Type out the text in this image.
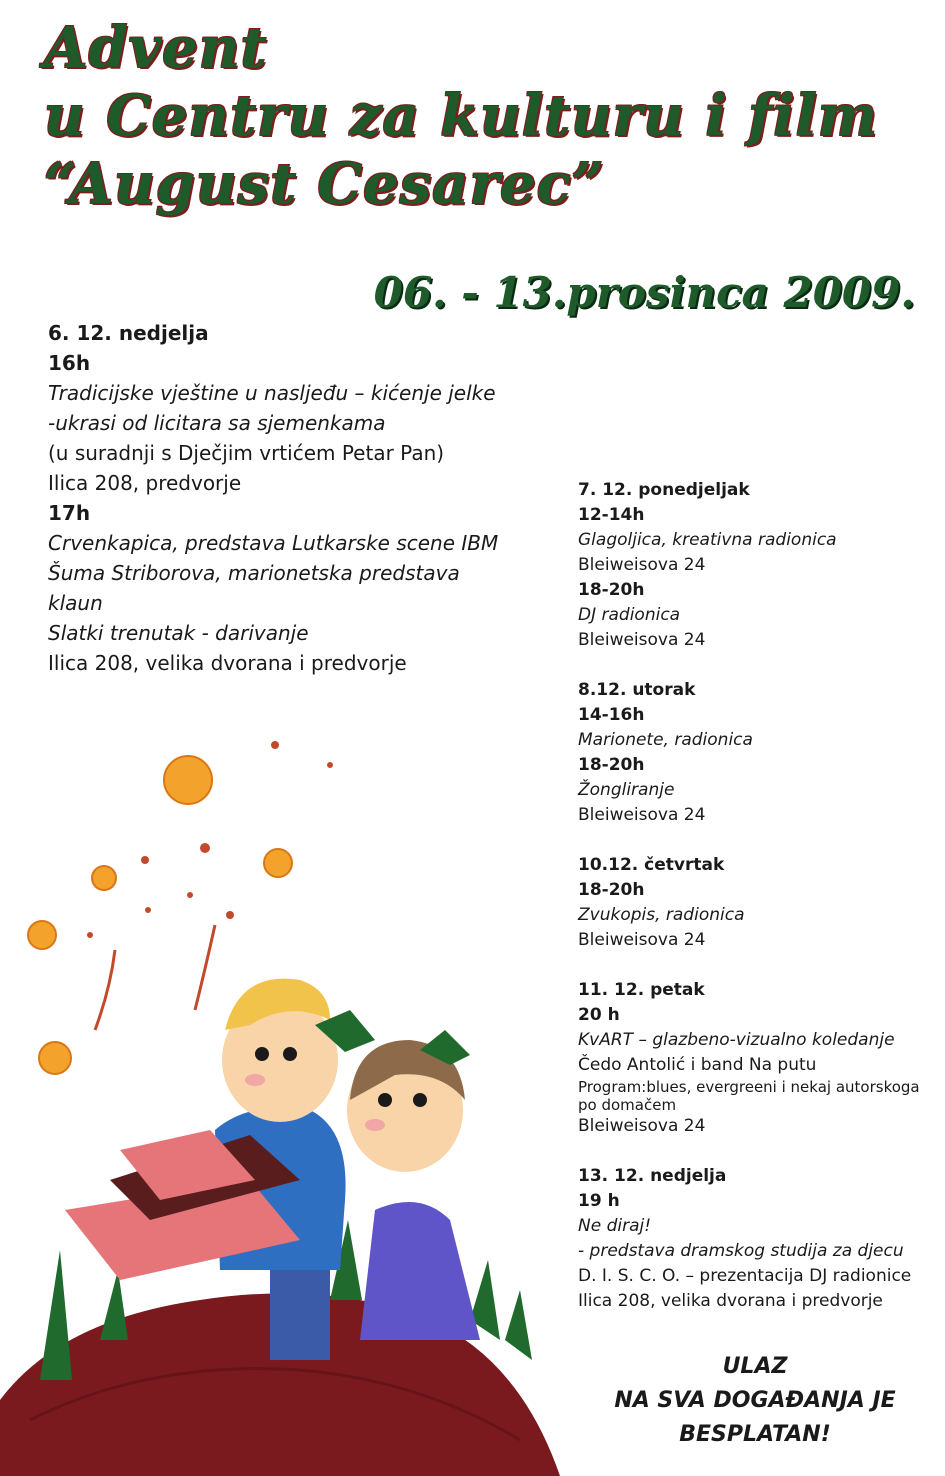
Advent
u Centru za kulturu i film
“August Cesarec”
06. - 13.prosinca 2009.
6. 12. nedjelja
16h
Tradicijske vještine u nasljeđu – kićenje jelke
-ukrasi od licitara sa sjemenkama
(u suradnji s Dječjim vrtićem Petar Pan)
Ilica 208, predvorje
17h
Crvenkapica, predstava Lutkarske scene IBM
Šuma Striborova, marionetska predstava
klaun
Slatki trenutak - darivanje
Ilica 208, velika dvorana i predvorje
7. 12. ponedjeljak
12-14h
Glagoljica, kreativna radionica
Bleiweisova 24
18-20h
DJ radionica
Bleiweisova 24
8.12. utorak
14-16h
Marionete, radionica
18-20h
Žongliranje
Bleiweisova 24
10.12. četvrtak
18-20h
Zvukopis, radionica
Bleiweisova 24
11. 12. petak
20 h
KvART – glazbeno-vizualno koledanje
Čedo Antolić i band Na putu
Program:blues, evergreeni i nekaj autorskoga
po domačem
Bleiweisova 24
13. 12. nedjelja
19 h
Ne diraj!
- predstava dramskog studija za djecu
D. I. S. C. O. – prezentacija DJ radionice
Ilica 208, velika dvorana i predvorje
ULAZ
NA SVA DOGAĐANJA JE
BESPLATAN!
